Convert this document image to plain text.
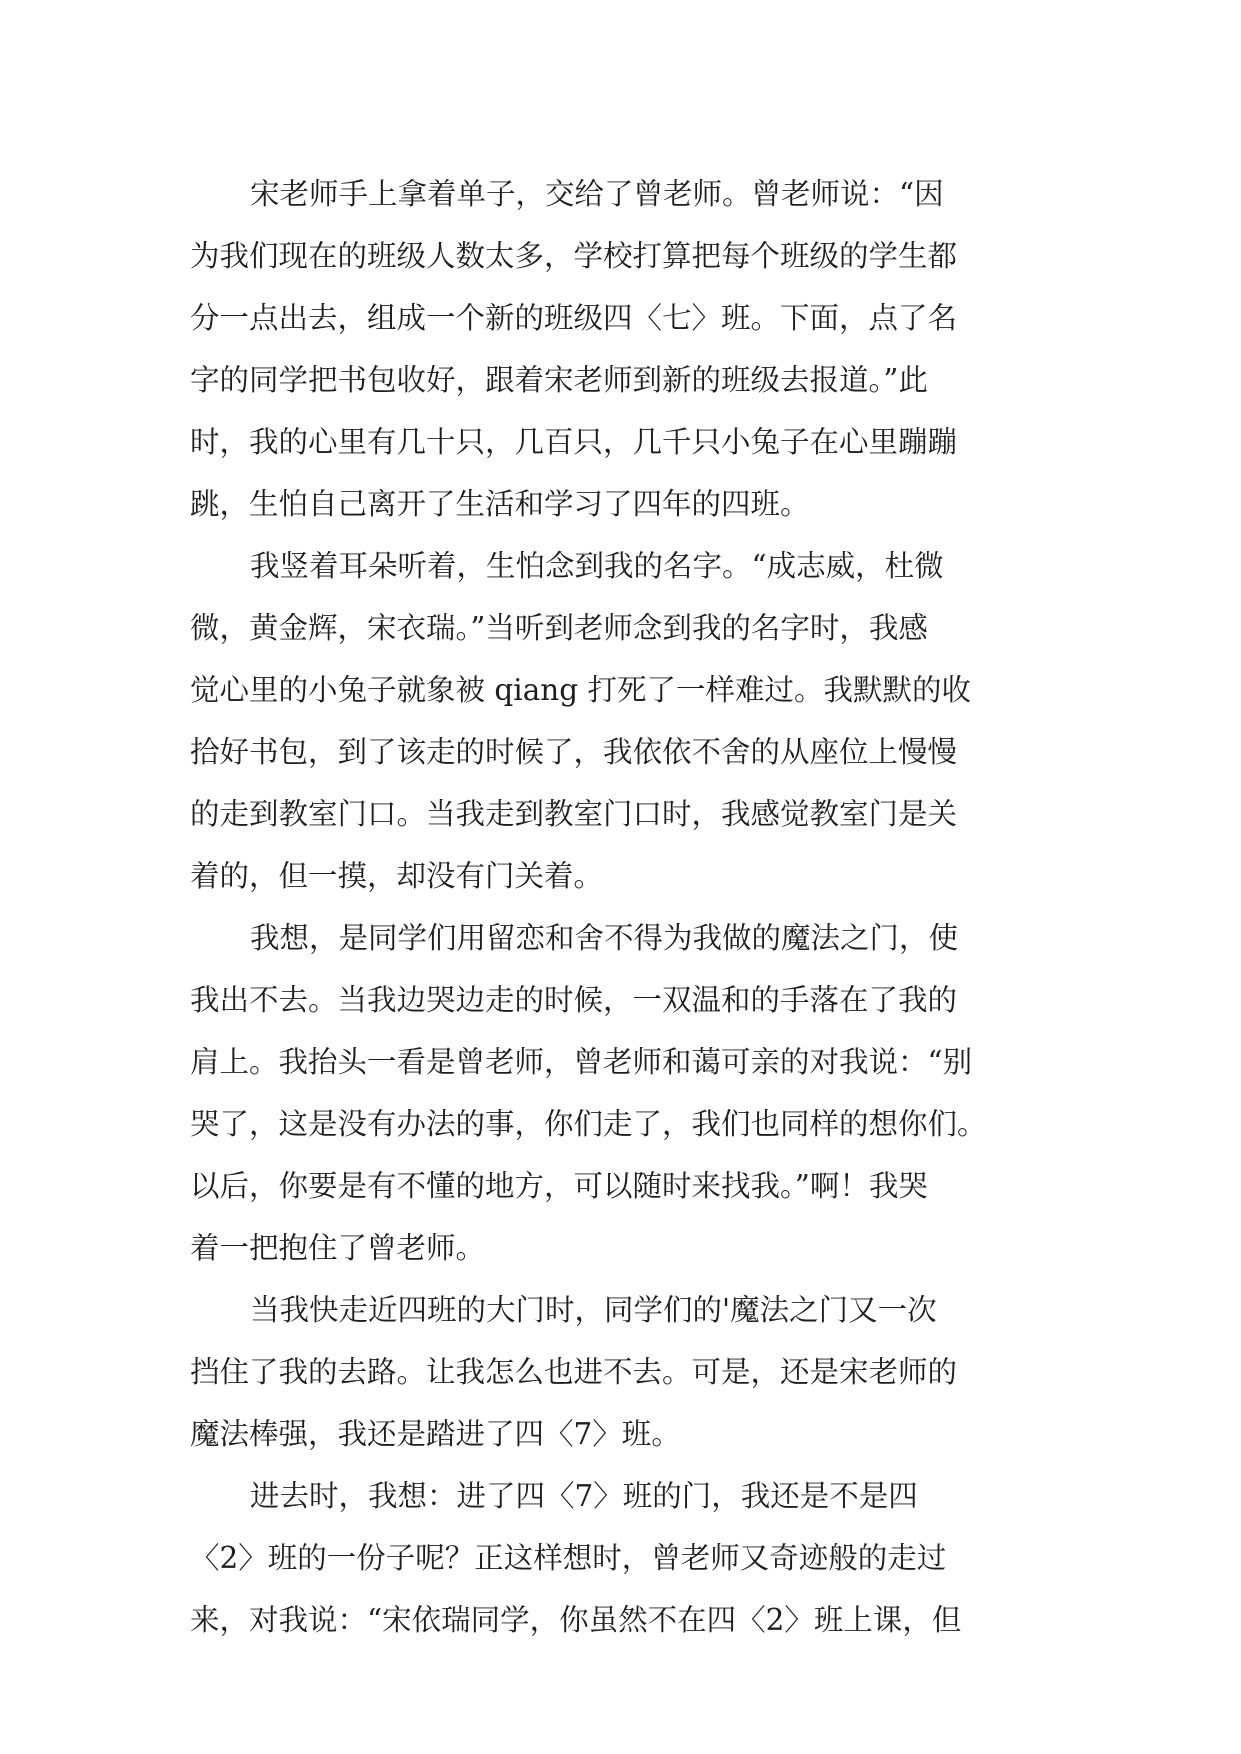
宋老师手上拿着单子，交给了曾老师。曾老师说：“因
为我们现在的班级人数太多，学校打算把每个班级的学生都
分一点出去，组成一个新的班级四〈七〉班。下面，点了名
字的同学把书包收好，跟着宋老师到新的班级去报道。”此
时，我的心里有几十只，几百只，几千只小兔子在心里蹦蹦
跳，生怕自己离开了生活和学习了四年的四班。
我竖着耳朵听着，生怕念到我的名字。“成志威，杜微
微，黄金辉，宋衣瑞。”当听到老师念到我的名字时，我感
觉心里的小兔子就象被 qiang 打死了一样难过。我默默的收
拾好书包，到了该走的时候了，我依依不舍的从座位上慢慢
的走到教室门口。当我走到教室门口时，我感觉教室门是关
着的，但一摸，却没有门关着。
我想，是同学们用留恋和舍不得为我做的魔法之门，使
我出不去。当我边哭边走的时候，一双温和的手落在了我的
肩上。我抬头一看是曾老师，曾老师和蔼可亲的对我说：“别
哭了，这是没有办法的事，你们走了，我们也同样的想你们。
以后，你要是有不懂的地方，可以随时来找我。”啊！我哭
着一把抱住了曾老师。
当我快走近四班的大门时，同学们的'魔法之门又一次
挡住了我的去路。让我怎么也进不去。可是，还是宋老师的
魔法棒强，我还是踏进了四〈7〉班。
进去时，我想：进了四〈7〉班的门，我还是不是四
〈2〉班的一份子呢？正这样想时，曾老师又奇迹般的走过
来，对我说：“宋依瑞同学，你虽然不在四〈2〉班上课，但
